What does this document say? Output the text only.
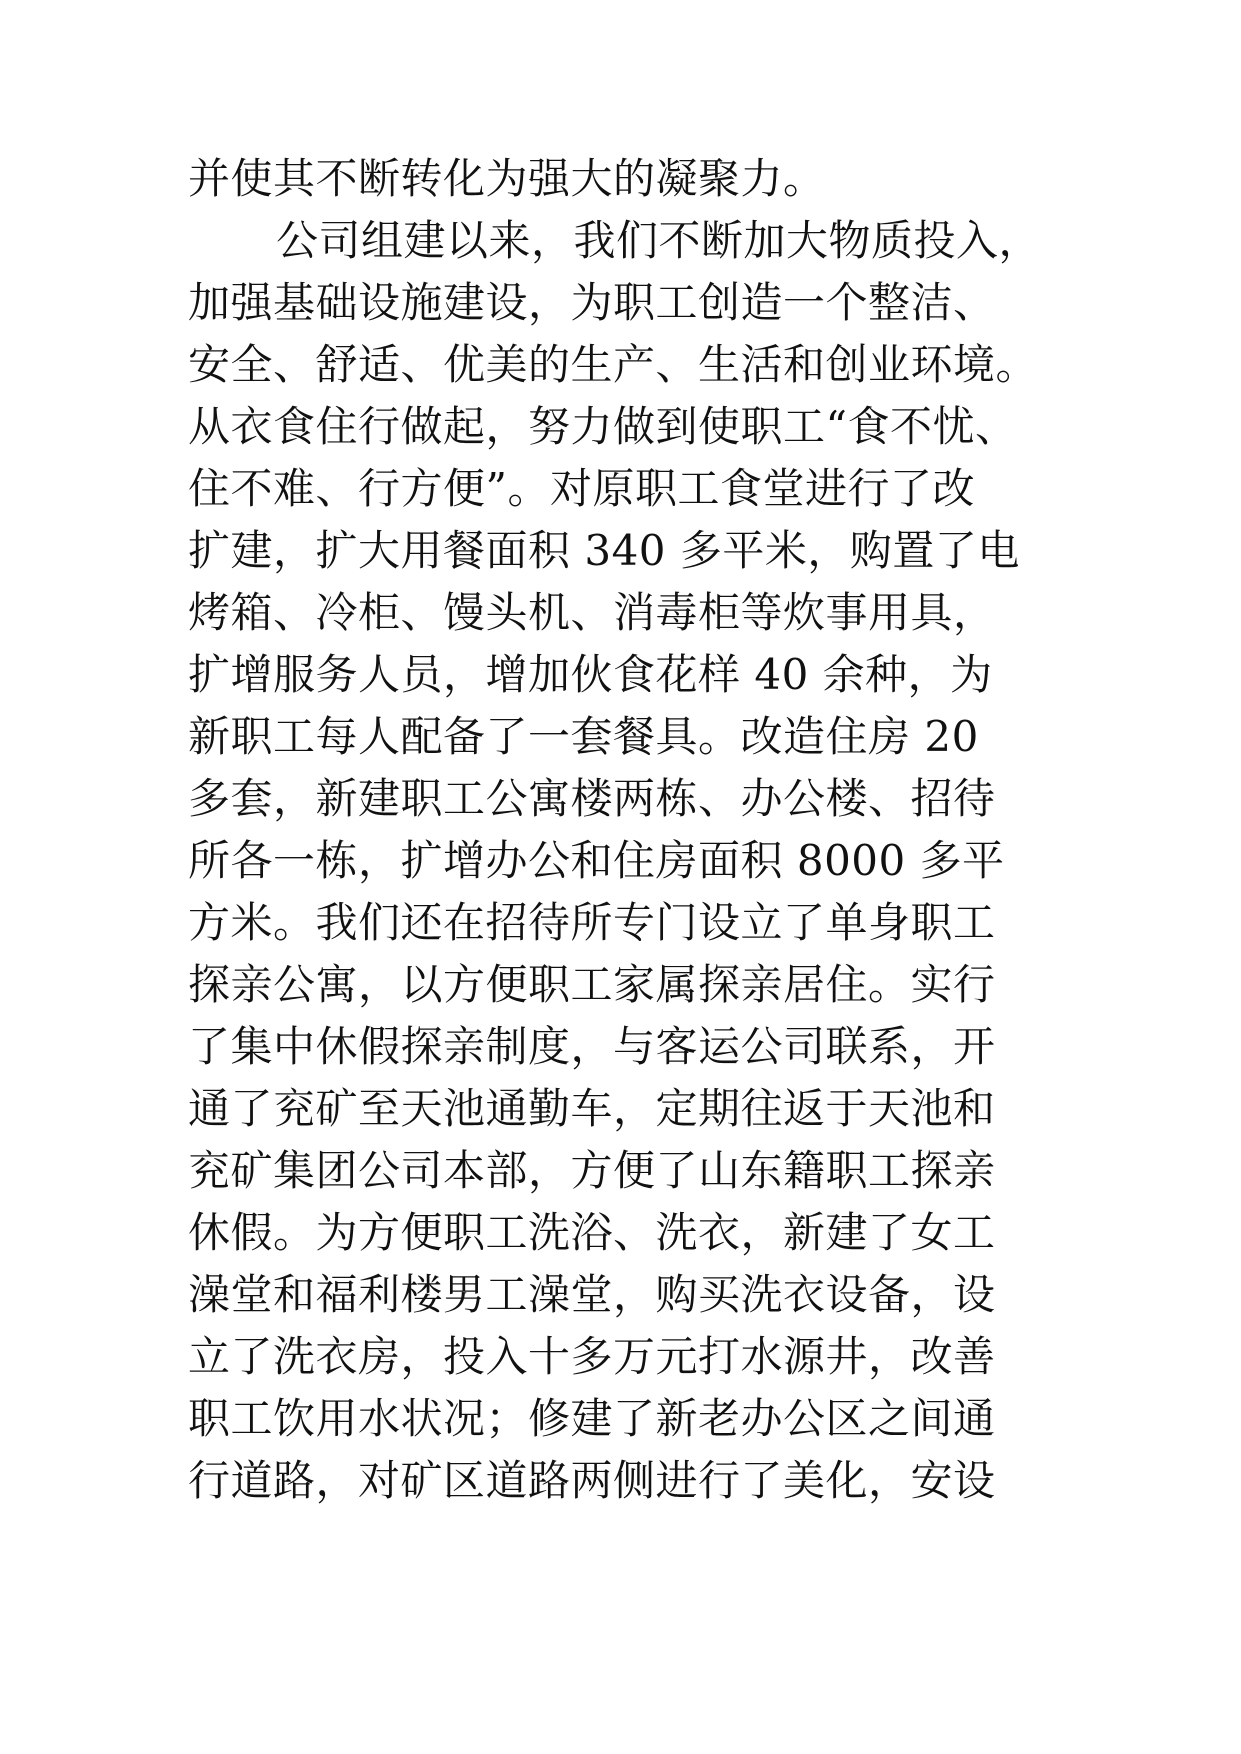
并使其不断转化为强大的凝聚力。
公司组建以来，我们不断加大物质投入，
加强基础设施建设，为职工创造一个整洁、
安全、舒适、优美的生产、生活和创业环境。
从衣食住行做起，努力做到使职工“食不忧、
住不难、行方便”。对原职工食堂进行了改
扩建，扩大用餐面积 340 多平米，购置了电
烤箱、冷柜、馒头机、消毒柜等炊事用具，
扩增服务人员，增加伙食花样 40 余种，为
新职工每人配备了一套餐具。改造住房 20
多套，新建职工公寓楼两栋、办公楼、招待
所各一栋，扩增办公和住房面积 8000 多平
方米。我们还在招待所专门设立了单身职工
探亲公寓，以方便职工家属探亲居住。实行
了集中休假探亲制度，与客运公司联系，开
通了兖矿至天池通勤车，定期往返于天池和
兖矿集团公司本部，方便了山东籍职工探亲
休假。为方便职工洗浴、洗衣，新建了女工
澡堂和福利楼男工澡堂，购买洗衣设备，设
立了洗衣房，投入十多万元打水源井，改善
职工饮用水状况；修建了新老办公区之间通
行道路，对矿区道路两侧进行了美化，安设
